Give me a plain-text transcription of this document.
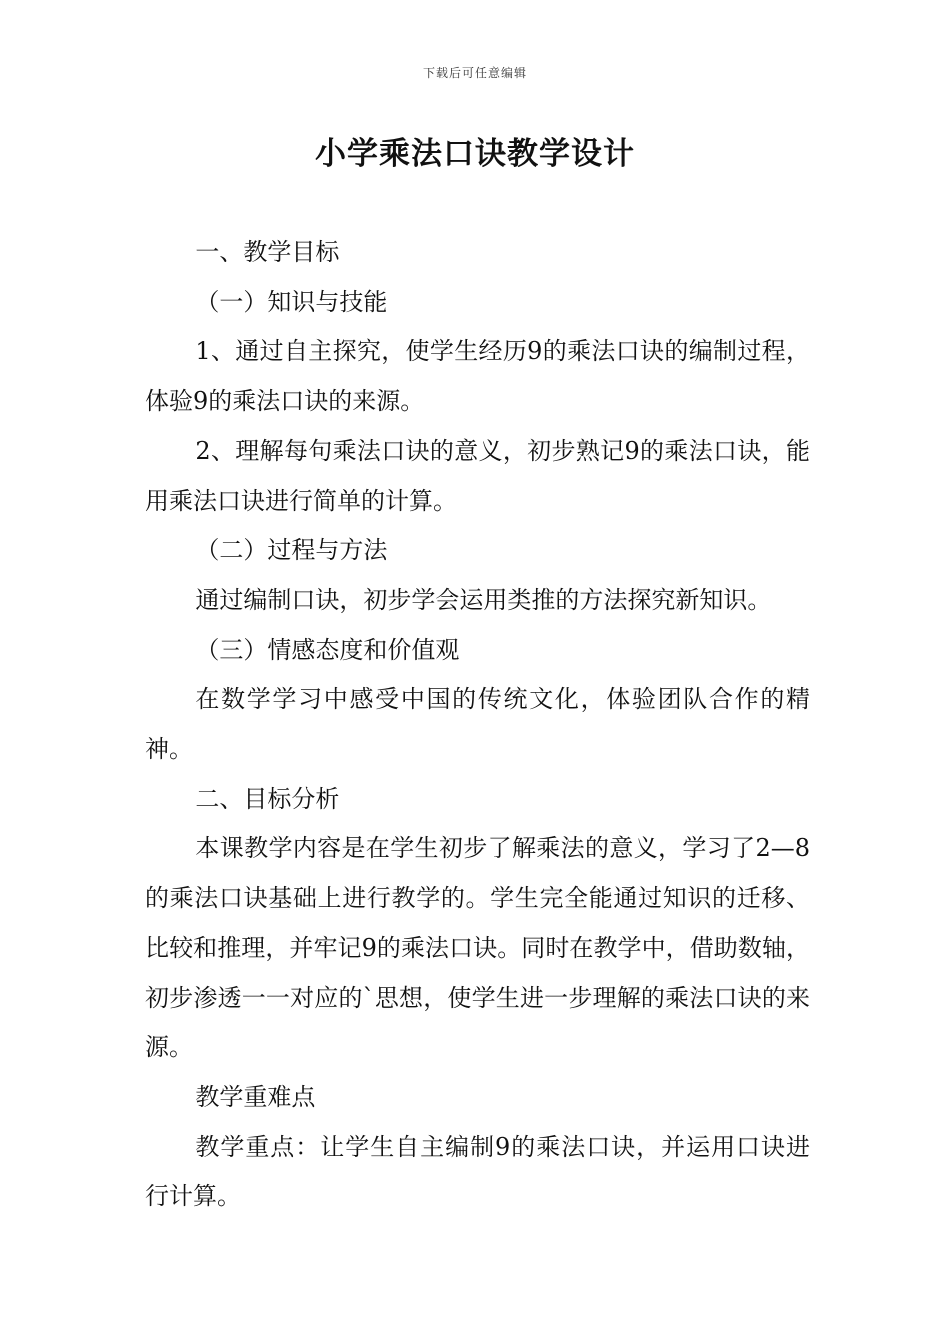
下载后可任意编辑
小学乘法口诀教学设计

一、教学目标

（一）知识与技能

1、通过自主探究，使学生经历9的乘法口诀的编制过程，体验9的乘法口诀的来源。

2、理解每句乘法口诀的意义，初步熟记9的乘法口诀，能用乘法口诀进行简单的计算。

（二）过程与方法

通过编制口诀，初步学会运用类推的方法探究新知识。

（三）情感态度和价值观

在数学学习中感受中国的传统文化，体验团队合作的精神。

二、目标分析

本课教学内容是在学生初步了解乘法的意义，学习了2—8的乘法口诀基础上进行教学的。学生完全能通过知识的迁移、比较和推理，并牢记9的乘法口诀。同时在教学中，借助数轴，初步渗透一一对应的`思想，使学生进一步理解的乘法口诀的来源。

教学重难点

教学重点：让学生自主编制9的乘法口诀，并运用口诀进行计算。
